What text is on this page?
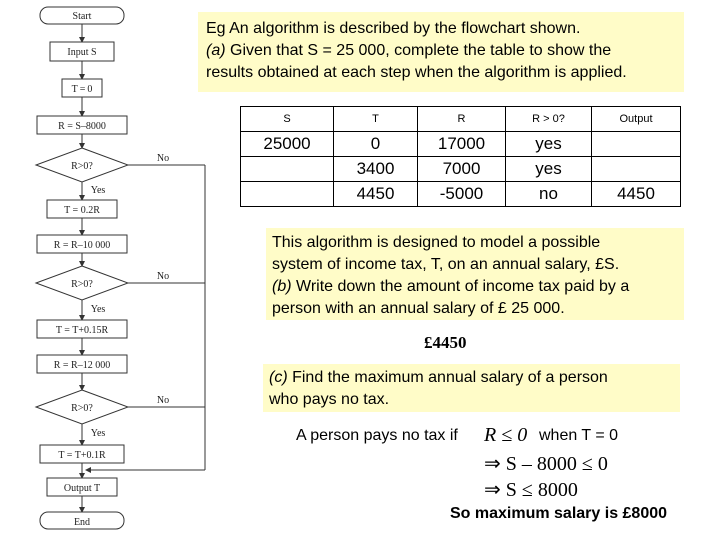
Start
Input S
T = 0
R = S–8000
R>0?
T = 0.2R
R = R–10 000
R>0?
T = T+0.15R
R = R–12 000
R>0?
T = T+0.1R
Output T
End
Yes
Yes
Yes
No
No
No
Eg An algorithm is described by the flowchart shown.
(a) Given that S = 25 000, complete the table to show the
results obtained at each step when the algorithm is applied.
S	T	R	R > 0?	Output
25000	0	17000	yes	
	3400	7000	yes	
	4450	-5000	no	4450
This algorithm is designed to model a possible
system of income tax, T, on an annual salary, £S.
(b) Write down the amount of income tax paid by a
person with an annual salary of £ 25 000.
£4450
(c) Find the maximum annual salary of a person
who pays no tax.
A person pays no tax if R ≤ 0 when T = 0
⇒ S – 8000 ≤ 0
⇒ S ≤ 8000
So maximum salary is £8000
